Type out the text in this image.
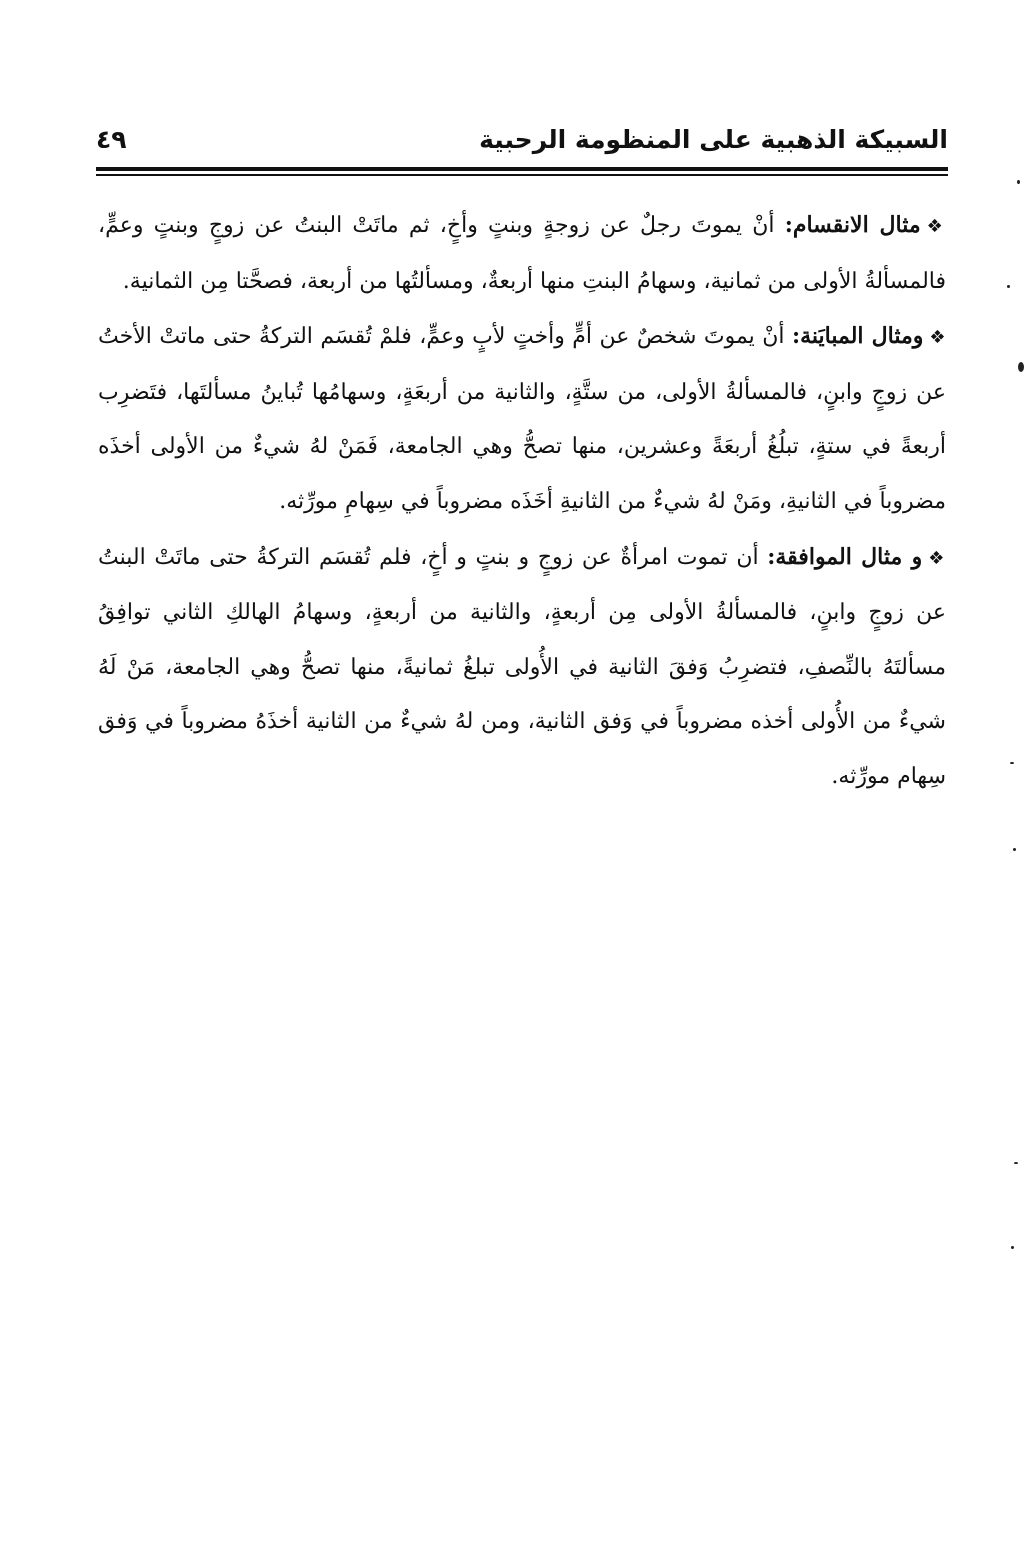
السبيكة الذهبية على المنظومة الرحبية
٤٩

❖مثال الانقسام: أنْ يموتَ رجلٌ عن زوجةٍ وبنتٍ وأخٍ، ثم ماتَتْ البنتُ عن زوجٍ وبنتٍ وعمٍّ، فالمسألةُ الأولى من ثمانية، وسهامُ البنتِ منها أربعةٌ، ومسألتُها من أربعة، فصحَّتا مِن الثمانية.

❖ومثال المبايَنة: أنْ يموتَ شخصٌ عن أمٍّ وأختٍ لأبٍ وعمٍّ، فلمْ تُقسَم التركةُ حتى ماتتْ الأختُ عن زوجٍ وابنٍ، فالمسألةُ الأولى، من ستَّةٍ، والثانية من أربعَةٍ، وسهامُها تُباينُ مسألتَها، فتَضرِب أربعةً في ستةٍ، تبلُغُ أربعَةً وعشرين، منها تصحُّ وهي الجامعة، فَمَنْ لهُ شيءٌ من الأولى أخذَه مضروباً في الثانيةِ، ومَنْ لهُ شيءٌ من الثانيةِ أخَذَه مضروباً في سِهامِ مورِّثه.

❖و مثال الموافقة: أن تموت امرأةٌ عن زوجٍ و بنتٍ و أخٍ، فلم تُقسَم التركةُ حتى ماتَتْ البنتُ عن زوجٍ وابنٍ، فالمسألةُ الأولى مِن أربعةٍ، والثانية من أربعةٍ، وسهامُ الهالكِ الثاني توافِقُ مسألتَهُ بالنِّصفِ، فتضرِبُ وَفقَ الثانية في الأُولى تبلغُ ثمانيةً، منها تصحُّ وهي الجامعة، مَنْ لَهُ شيءٌ من الأُولى أخذه مضروباً في وَفق الثانية، ومن لهُ شيءٌ من الثانية أخذَهُ مضروباً في وَفق سِهام مورِّثه.
